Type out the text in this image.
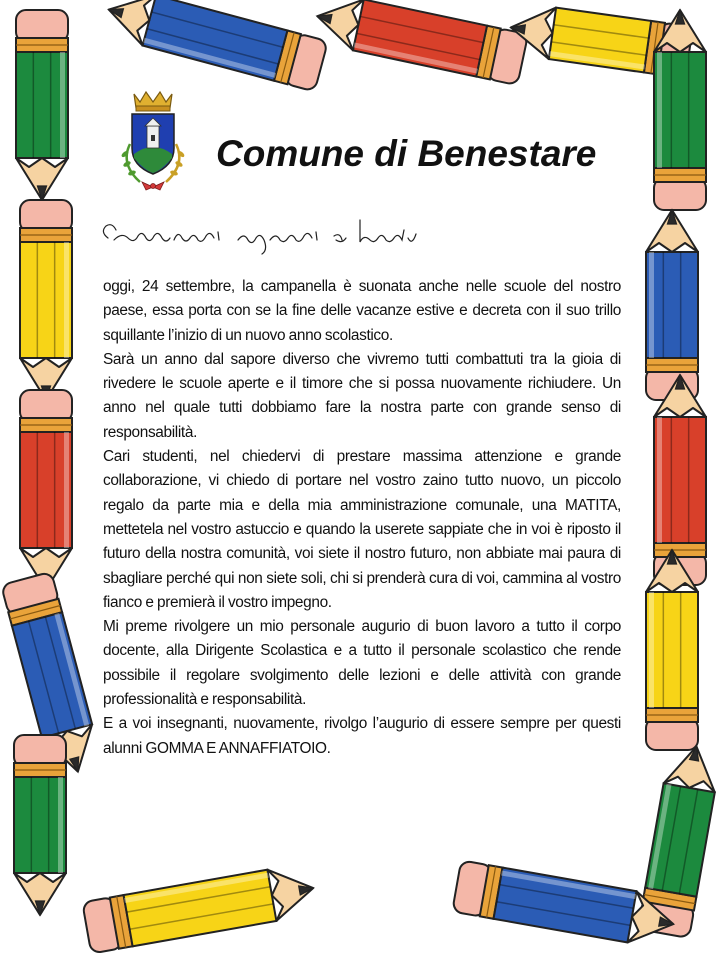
Comune di Benestare

oggi, 24 settembre, la campanella è suonata anche nelle scuole del nostro paese, essa porta con se la fine delle vacanze estive e decreta con il suo trillo squillante l’inizio di un nuovo anno scolastico.

Sarà un anno dal sapore diverso che vivremo tutti combattuti tra la gioia di rivedere le scuole aperte e il timore che si possa nuovamente richiudere. Un anno nel quale tutti dobbiamo fare la nostra parte con grande senso di responsabilità.

Cari studenti, nel chiedervi di prestare massima attenzione e grande collaborazione, vi chiedo di portare nel vostro zaino tutto nuovo, un piccolo regalo da parte mia e della mia amministrazione comunale, una MATITA, mettetela nel vostro astuccio e quando la userete sappiate che in voi è riposto il futuro della nostra comunità, voi siete il nostro futuro, non abbiate mai paura di sbagliare perché qui non siete soli, chi si prenderà cura di voi, cammina al vostro fianco e premierà il vostro impegno.

Mi preme rivolgere un mio personale augurio di buon lavoro a tutto il corpo docente, alla Dirigente Scolastica e a tutto il personale scolastico che rende possibile il regolare svolgimento delle lezioni e delle attività con grande professionalità e responsabilità.

E a voi insegnanti, nuovamente, rivolgo l’augurio di essere sempre per questi alunni GOMMA E ANNAFFIATOIO.
